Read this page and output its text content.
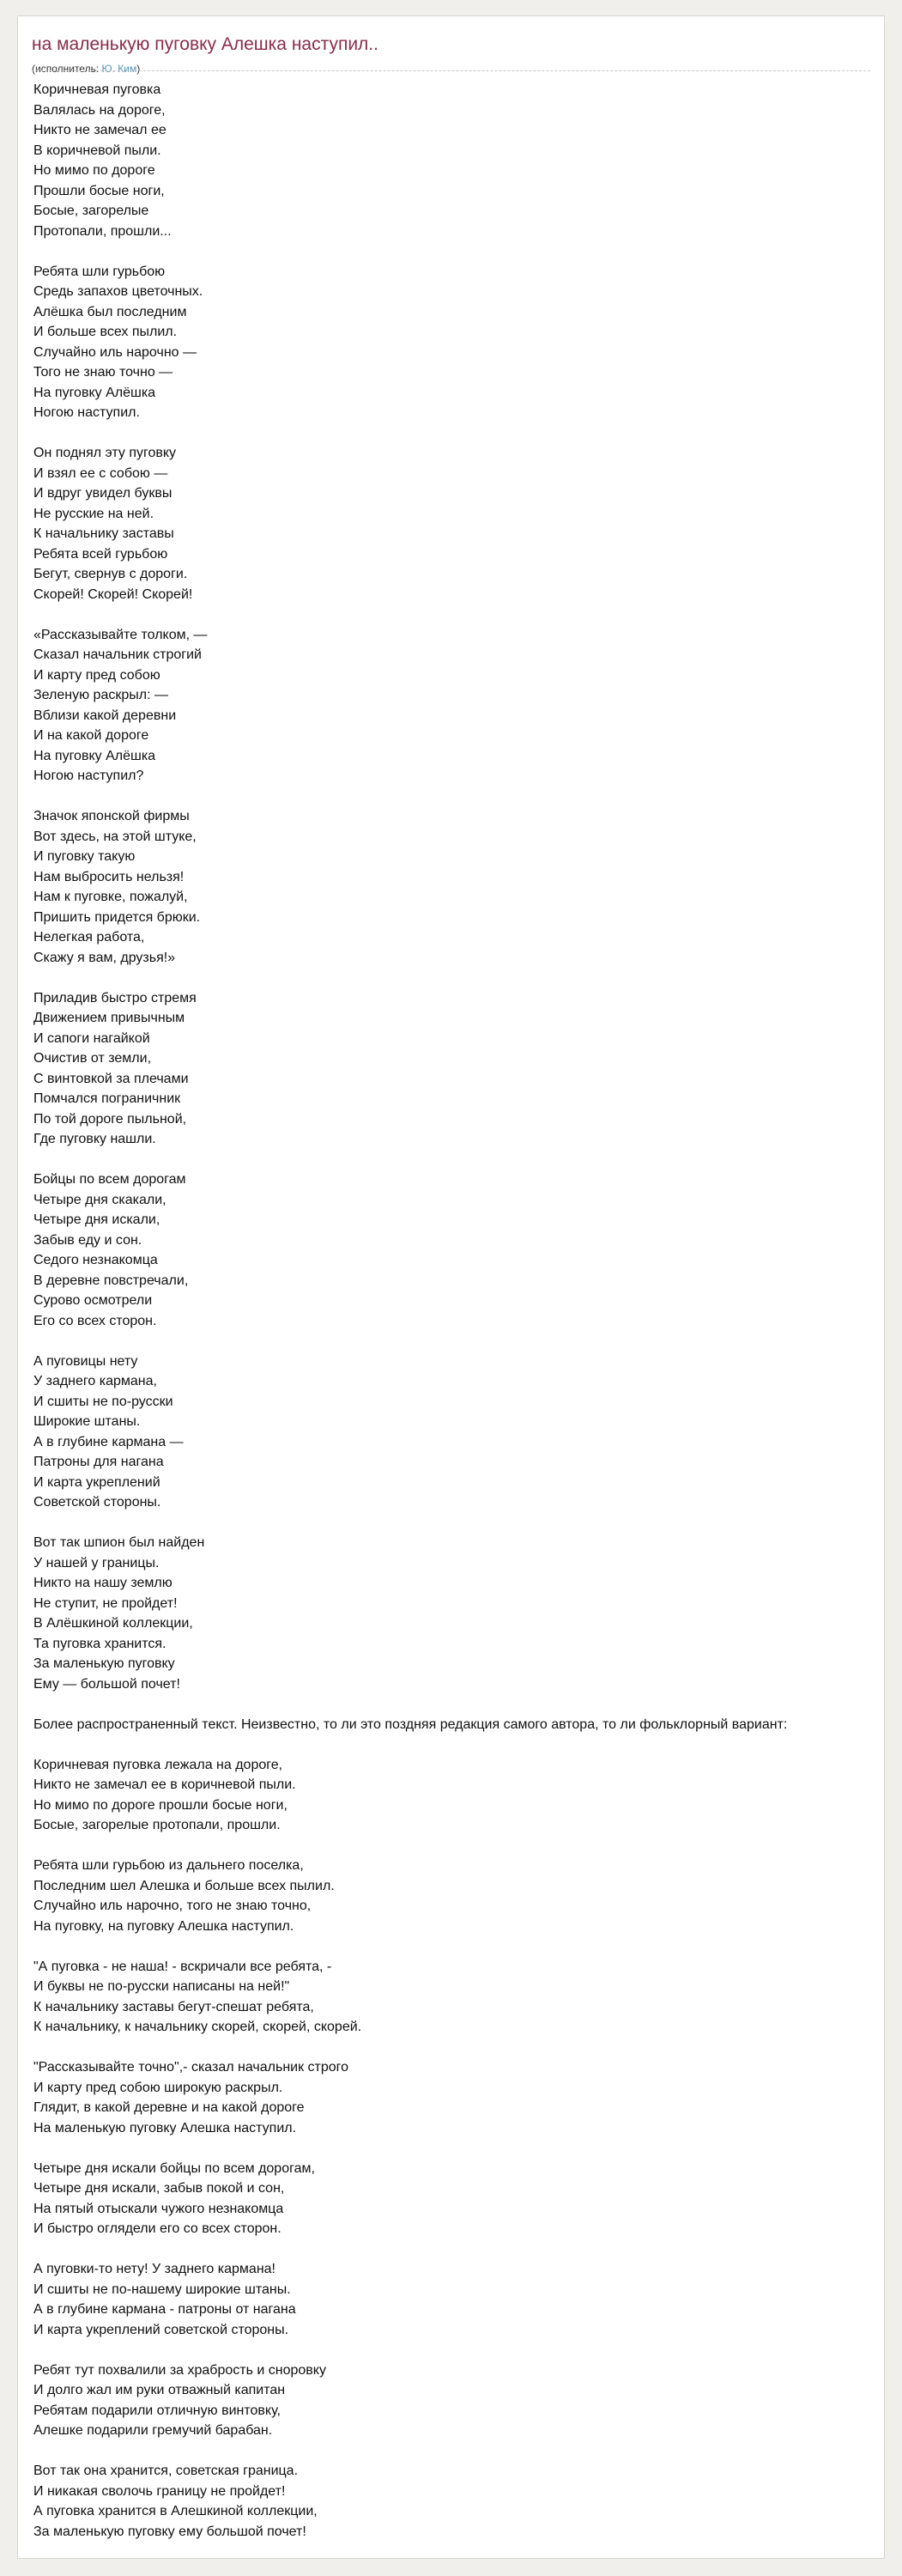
на маленькую пуговку Алешка наступил..

(исполнитель: Ю. Ким)

Коричневая пуговка
Валялась на дороге,
Никто не замечал ее
В коричневой пыли.
Но мимо по дороге
Прошли босые ноги,
Босые, загорелые
Протопали, прошли...
Ребята шли гурьбою
Средь запахов цветочных.
Алёшка был последним
И больше всех пылил.
Случайно иль нарочно —
Того не знаю точно —
На пуговку Алёшка
Ногою наступил.
Он поднял эту пуговку
И взял ее с собою —
И вдруг увидел буквы
Не русские на ней.
К начальнику заставы
Ребята всей гурьбою
Бегут, свернув с дороги.
Скорей! Скорей! Скорей!
«Рассказывайте толком, —
Сказал начальник строгий
И карту пред собою
Зеленую раскрыл: —
Вблизи какой деревни
И на какой дороге
На пуговку Алёшка
Ногою наступил?
Значок японской фирмы
Вот здесь, на этой штуке,
И пуговку такую
Нам выбросить нельзя!
Нам к пуговке, пожалуй,
Пришить придется брюки.
Нелегкая работа,
Скажу я вам, друзья!»
Приладив быстро стремя
Движением привычным
И сапоги нагайкой
Очистив от земли,
С винтовкой за плечами
Помчался пограничник
По той дороге пыльной,
Где пуговку нашли.
Бойцы по всем дорогам
Четыре дня скакали,
Четыре дня искали,
Забыв еду и сон.
Седого незнакомца
В деревне повстречали,
Сурово осмотрели
Его со всех сторон.
А пуговицы нету
У заднего кармана,
И сшиты не по-русски
Широкие штаны.
А в глубине кармана —
Патроны для нагана
И карта укреплений
Советской стороны.
Вот так шпион был найден
У нашей у границы.
Никто на нашу землю
Не ступит, не пройдет!
В Алёшкиной коллекции,
Та пуговка хранится.
За маленькую пуговку
Ему — большой почет!
Более распространенный текст. Неизвестно, то ли это поздняя редакция самого автора, то ли фольклорный вариант:
Коричневая пуговка лежала на дороге,
Никто не замечал ее в коричневой пыли.
Но мимо по дороге прошли босые ноги,
Босые, загорелые протопали, прошли.
Ребята шли гурьбою из дальнего поселка,
Последним шел Алешка и больше всех пылил.
Случайно иль нарочно, того не знаю точно,
На пуговку, на пуговку Алешка наступил.
"А пуговка - не наша! - вскричали все ребята, -
И буквы не по-русски написаны на ней!"
К начальнику заставы бегут-спешат ребята,
К начальнику, к начальнику скорей, скорей, скорей.
"Рассказывайте точно",- сказал начальник строго
И карту пред собою широкую раскрыл.
Глядит, в какой деревне и на какой дороге
На маленькую пуговку Алешка наступил.
Четыре дня искали бойцы по всем дорогам,
Четыре дня искали, забыв покой и сон,
На пятый отыскали чужого незнакомца
И быстро оглядели его со всех сторон.
А пуговки-то нету! У заднего кармана!
И сшиты не по-нашему широкие штаны.
А в глубине кармана - патроны от нагана
И карта укреплений советской стороны.
Ребят тут похвалили за храбрость и сноровку
И долго жал им руки отважный капитан
Ребятам подарили отличную винтовку,
Алешке подарили гремучий барабан.
Вот так она хранится, советская граница.
И никакая сволочь границу не пройдет!
А пуговка хранится в Алешкиной коллекции,
За маленькую пуговку ему большой почет!
